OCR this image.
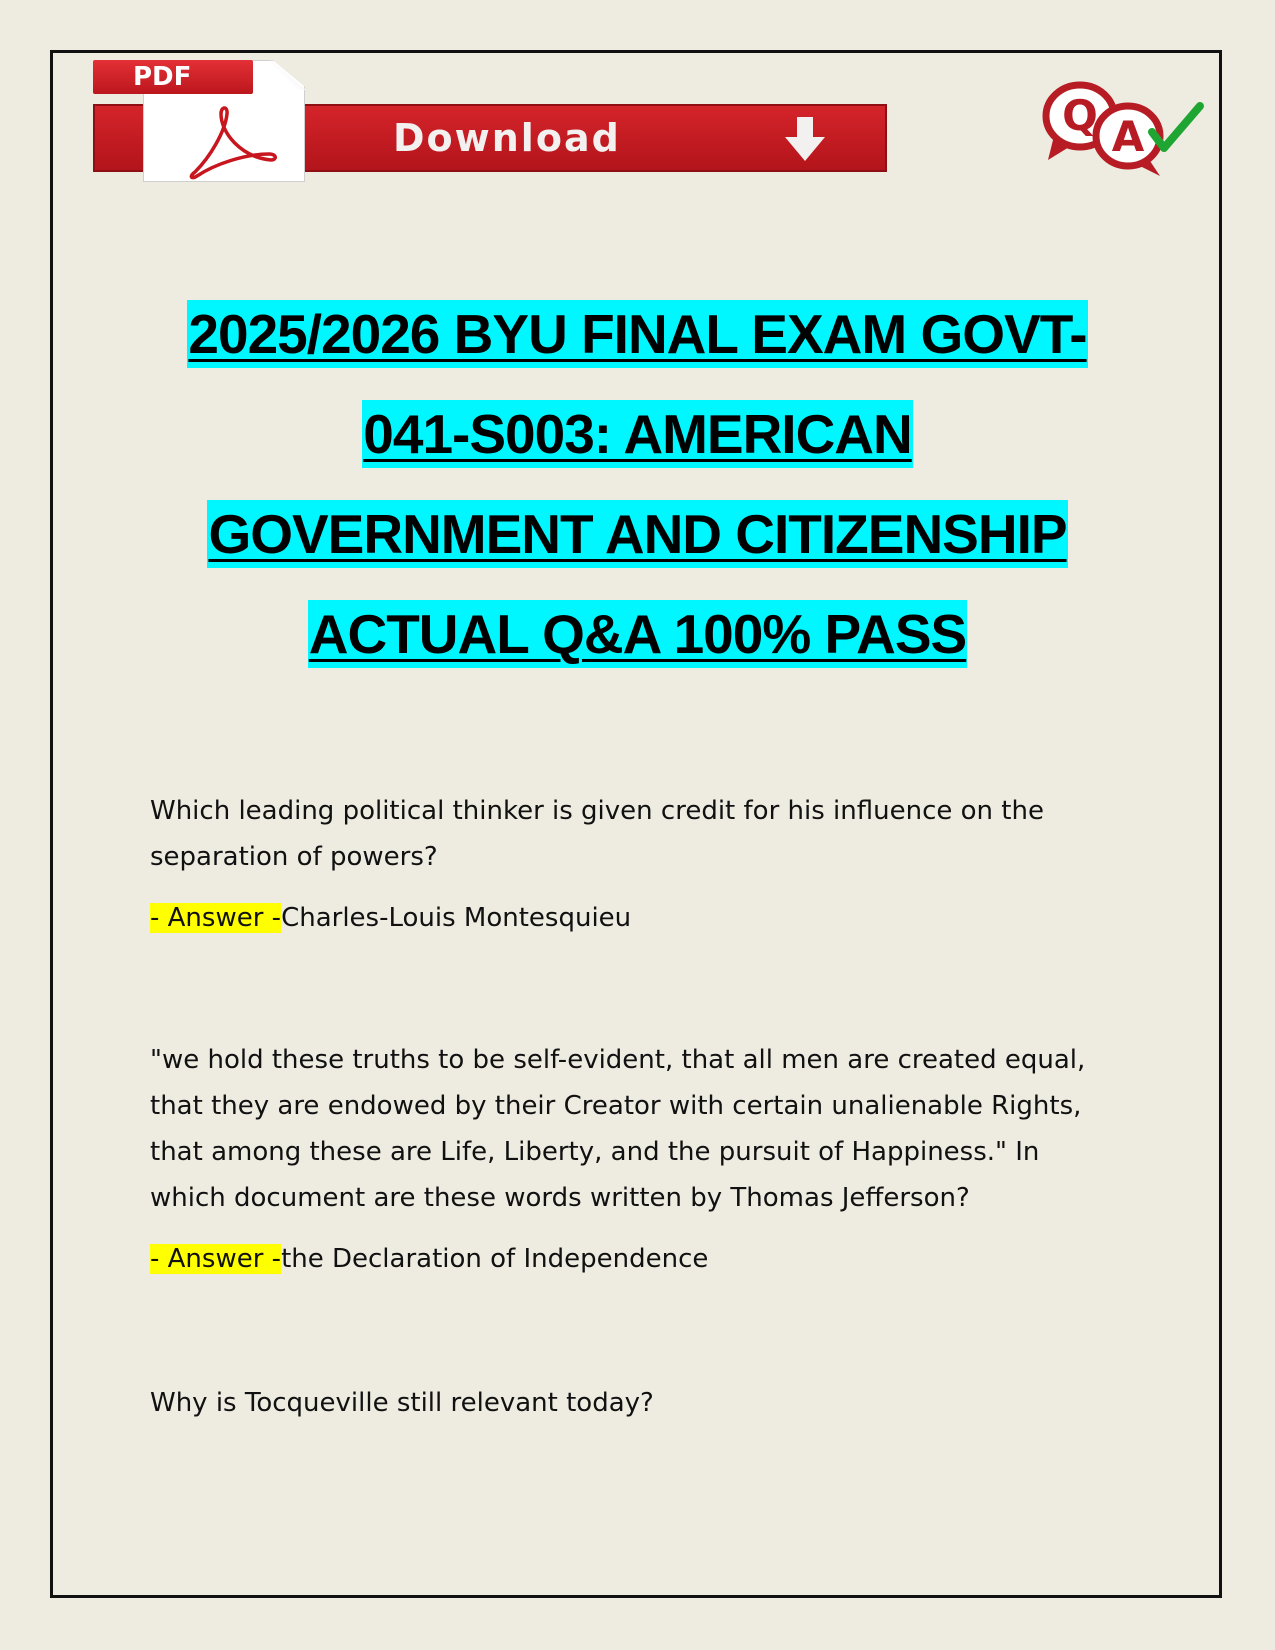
Download
PDF
Q A
2025/2026 BYU FINAL EXAM GOVT-
041-S003: AMERICAN
GOVERNMENT AND CITIZENSHIP
ACTUAL Q&A 100% PASS

Which leading political thinker is given credit for his influence on the
separation of powers?

- Answer -Charles-Louis Montesquieu

"we hold these truths to be self-evident, that all men are created equal,
that they are endowed by their Creator with certain unalienable Rights,
that among these are Life, Liberty, and the pursuit of Happiness." In
which document are these words written by Thomas Jefferson?

- Answer -the Declaration of Independence

Why is Tocqueville still relevant today?
